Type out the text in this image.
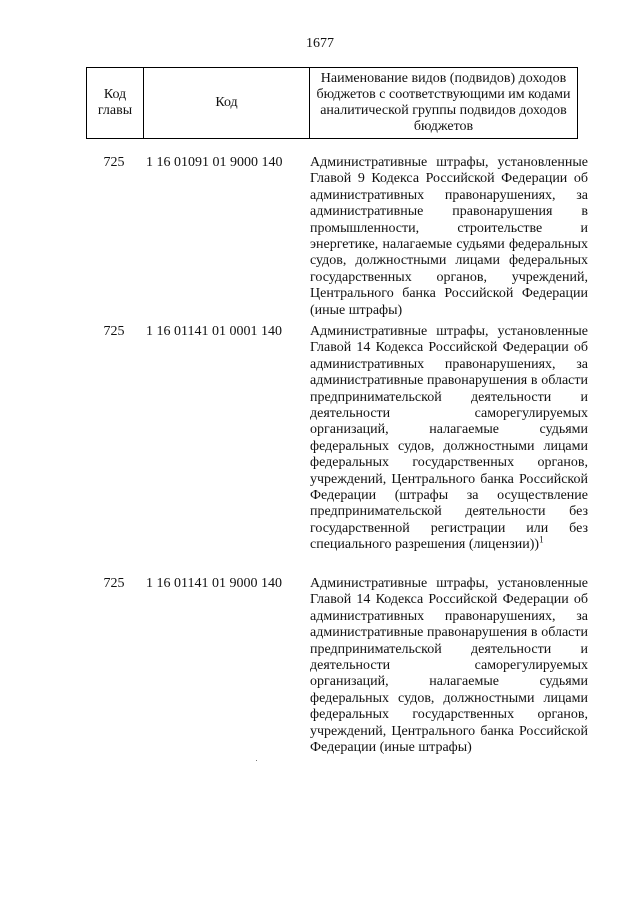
1677
Код главы	Код	Наименование видов (подвидов) доходов бюджетов с соответствующими им кодами аналитической группы подвидов доходов бюджетов
725	1 16 01091 01 9000 140	Административные штрафы, установленные Главой 9 Кодекса Российской Федерации об административных правонарушениях, за административные правонарушения в промышленности, строительстве и энергетике, налагаемые судьями федеральных судов, должностными лицами федеральных государственных органов, учреждений, Центрального банка Российской Федерации (иные штрафы)
725	1 16 01141 01 0001 140	Административные штрафы, установленные Главой 14 Кодекса Российской Федерации об административных правонарушениях, за административные правонарушения в области предпринимательской деятельности и деятельности саморегулируемых организаций, налагаемые судьями федеральных судов, должностными лицами федеральных государственных органов, учреждений, Центрального банка Российской Федерации (штрафы за осуществление предпринимательской деятельности без государственной регистрации или без специального разрешения (лицензии))$^1$
725	1 16 01141 01 9000 140	Административные штрафы, установленные Главой 14 Кодекса Российской Федерации об административных правонарушениях, за административные правонарушения в области предпринимательской деятельности и деятельности саморегулируемых организаций, налагаемые судьями федеральных судов, должностными лицами федеральных государственных органов, учреждений, Центрального банка Российской Федерации (иные штрафы)
